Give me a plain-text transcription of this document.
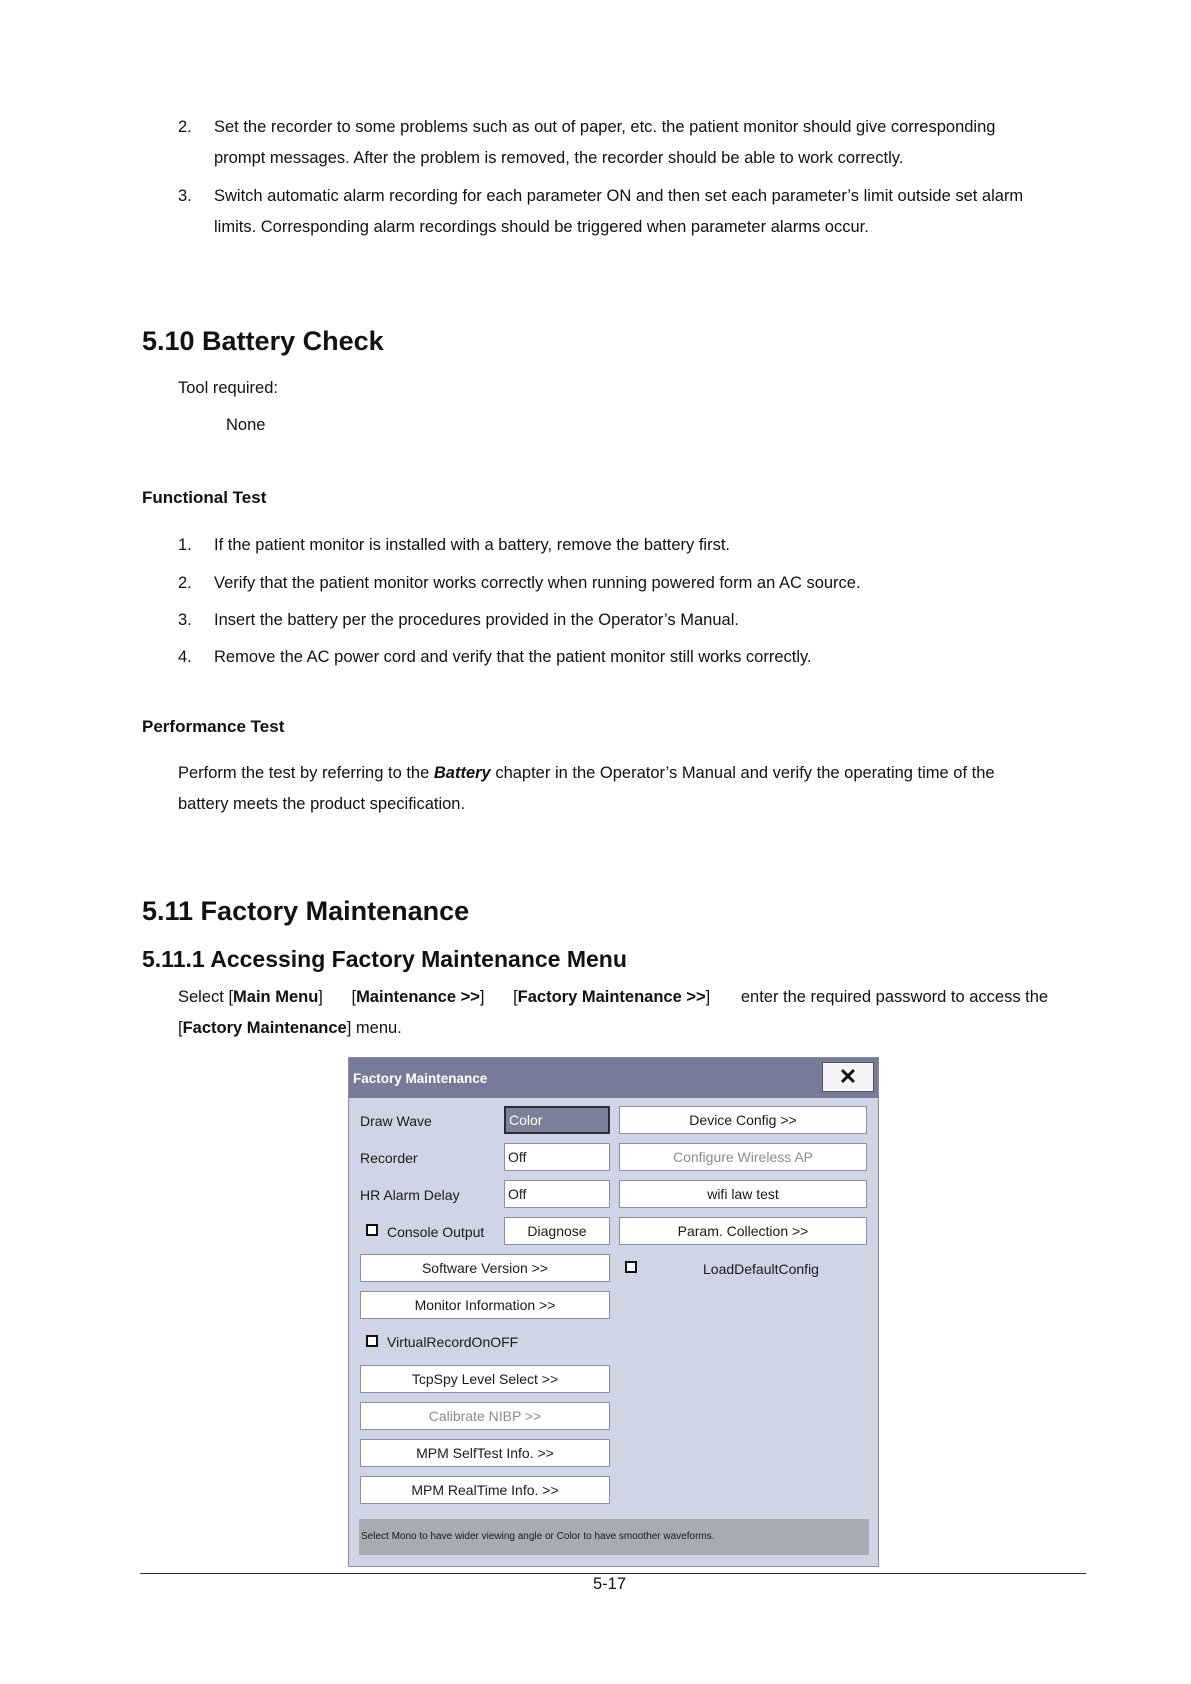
2. Set the recorder to some problems such as out of paper, etc. the patient monitor should give corresponding
prompt messages. After the problem is removed, the recorder should be able to work correctly.
3. Switch automatic alarm recording for each parameter ON and then set each parameter’s limit outside set alarm
limits. Corresponding alarm recordings should be triggered when parameter alarms occur.
5.10 Battery Check
Tool required:
None
Functional Test
1. If the patient monitor is installed with a battery, remove the battery first.
2. Verify that the patient monitor works correctly when running powered form an AC source.
3. Insert the battery per the procedures provided in the Operator’s Manual.
4. Remove the AC power cord and verify that the patient monitor still works correctly.
Performance Test
Perform the test by referring to the Battery chapter in the Operator’s Manual and verify the operating time of the
battery meets the product specification.
5.11 Factory Maintenance
5.11.1 Accessing Factory Maintenance Menu
Select [Main Menu] [Maintenance >>] [Factory Maintenance >>] enter the required password to access the
[Factory Maintenance] menu.
Factory Maintenance	✕
Draw Wave	Color
Recorder	Off
HR Alarm Delay	Off
Console Output	Diagnose
Software Version >>
Monitor Information >>
VirtualRecordOnOFF
TcpSpy Level Select >>
Calibrate NIBP >>
MPM SelfTest Info. >>
MPM RealTime Info. >>
Device Config >>
Configure Wireless AP
wifi law test
Param. Collection >>
LoadDefaultConfig
Select Mono to have wider viewing angle or Color to have smoother waveforms.
5-17
